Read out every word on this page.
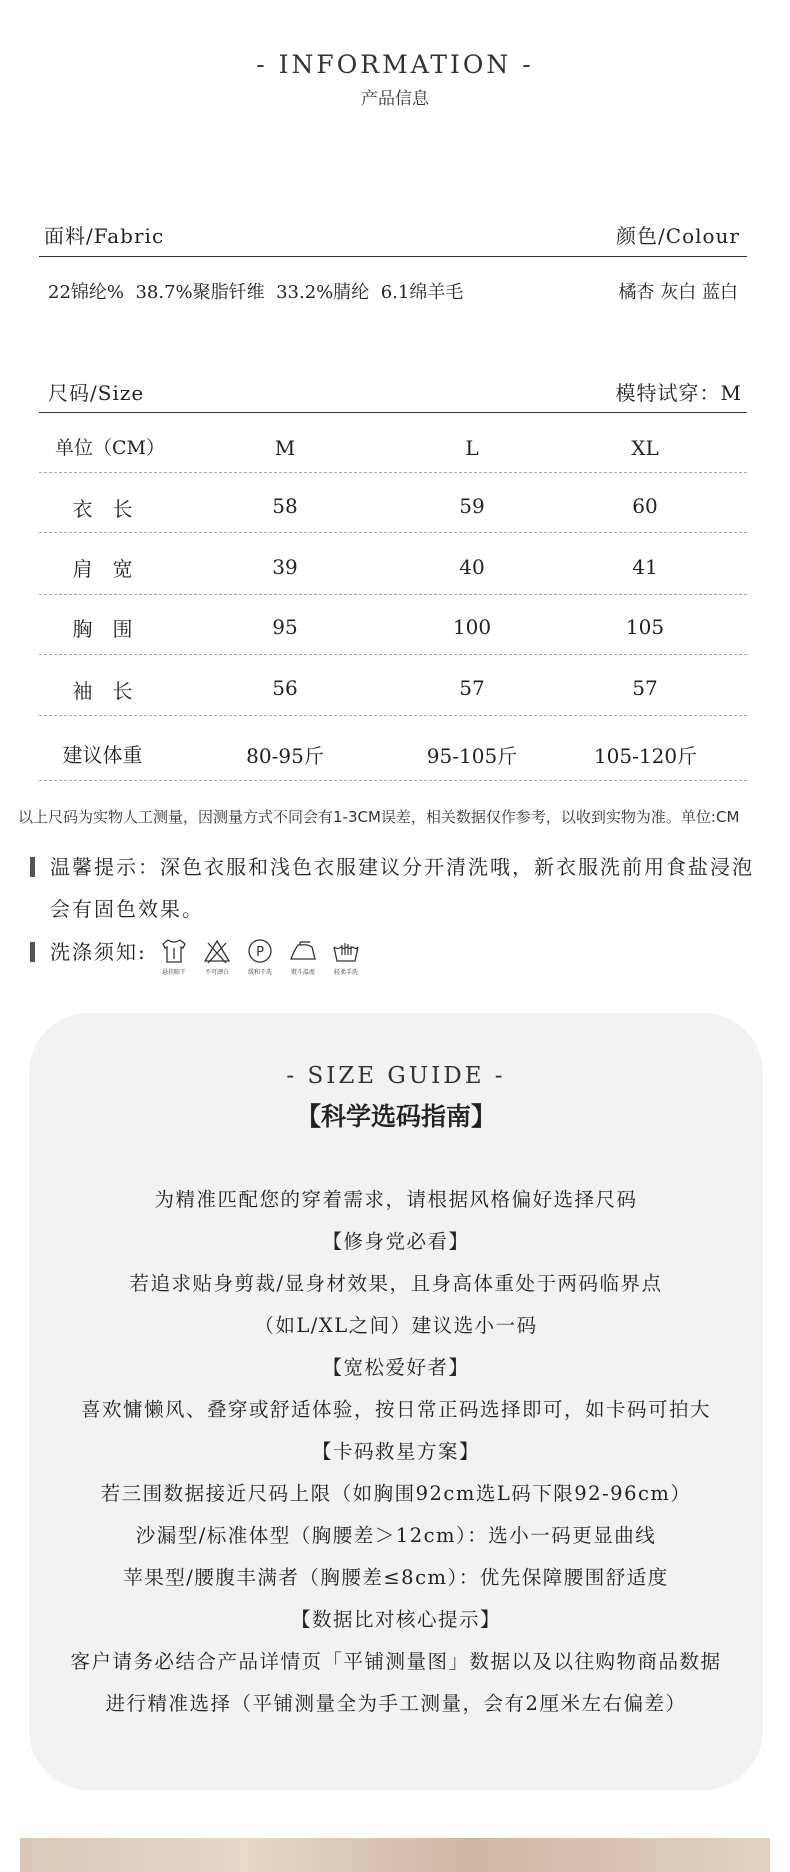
- INFORMATION -
产品信息
面料/Fabric	颜色/Colour
22锦纶%  38.7%聚脂钎维  33.2%腈纶  6.1绵羊毛	橘杏 灰白 蓝白
尺码/Size	模特试穿：M
单位（CM）	M	L	XL
衣　长	58	59	60
肩　宽	39	40	41
胸　围	95	100	105
袖　长	56	57	57
建议体重	80-95斤	95-105斤	105-120斤
以上尺码为实物人工测量，因测量方式不同会有1-3CM误差，相关数据仅作参考，以收到实物为准。单位:CM
温馨提示：深色衣服和浅色衣服建议分开清洗哦，新衣服洗前用食盐浸泡
会有固色效果。
洗涤须知:
悬挂晾干	不可漂白
P
缓和干洗	熨斗温度	轻柔手洗
- SIZE GUIDE -
【科学选码指南】
为精准匹配您的穿着需求，请根据风格偏好选择尺码
【修身党必看】
若追求贴身剪裁/显身材效果，且身高体重处于两码临界点
（如L/XL之间）建议选小一码
【宽松爱好者】
喜欢慵懒风、叠穿或舒适体验，按日常正码选择即可，如卡码可拍大
【卡码救星方案】
若三围数据接近尺码上限（如胸围92cm选L码下限92-96cm）
沙漏型/标准体型（胸腰差＞12cm）：选小一码更显曲线
苹果型/腰腹丰满者（胸腰差≤8cm）：优先保障腰围舒适度
【数据比对核心提示】
客户请务必结合产品详情页「平铺测量图」数据以及以往购物商品数据
进行精准选择（平铺测量全为手工测量，会有2厘米左右偏差）
